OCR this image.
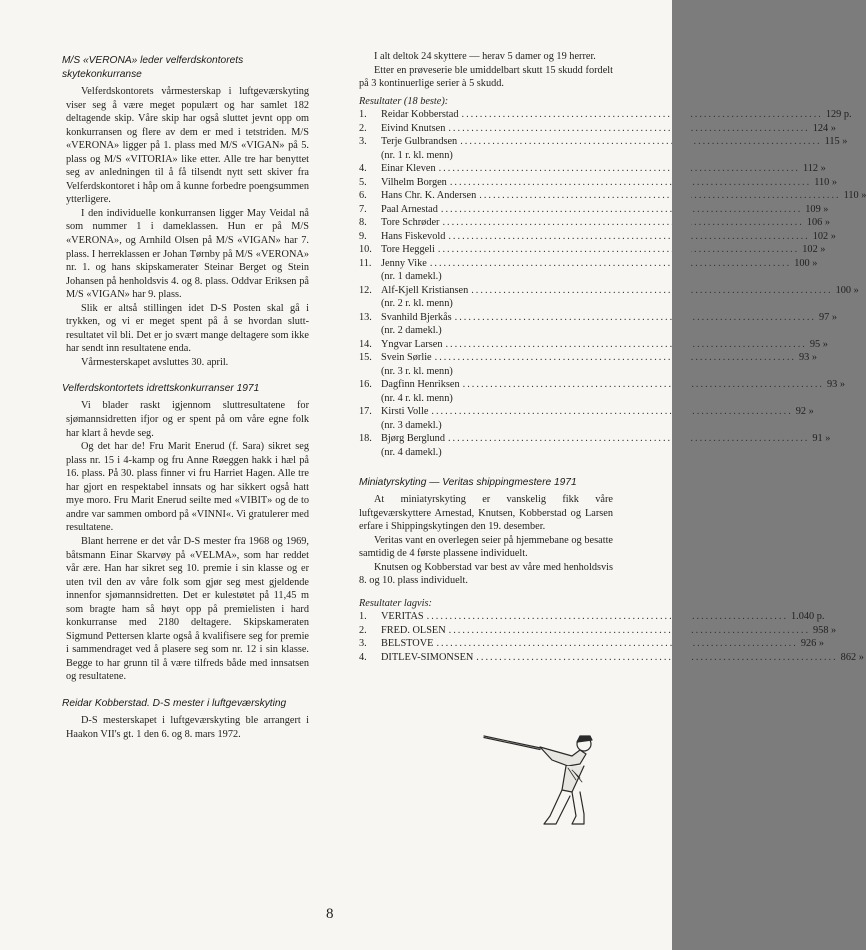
M/S «VERONA» leder velferdskontorets skytekonkurranse

Velferdskontorets vårmesterskap i luftgeværskyting viser seg å være meget populært og har samlet 182 deltagende skip. Våre skip har også sluttet jevnt opp om konkurransen og flere av dem er med i tetstriden. M/S «VERONA» ligger på 1. plass med M/S «VIGAN» på 5. plass og M/S «VITORIA» like etter. Alle tre har benyttet seg av anledningen til å få tilsendt nytt sett skiver fra Velferdskontoret i håp om å kunne forbedre poengsummen ytterligere.

I den individuelle konkurransen ligger May Veidal nå som nummer 1 i dameklassen. Hun er på M/S «VERONA», og Arnhild Olsen på M/S «VIGAN» har 7. plass. I herreklassen er Johan Tørnby på M/S «VERONA» nr. 1. og hans skipskamerater Steinar Berget og Stein Johansen på henholdsvis 4. og 8. plass. Oddvar Eriksen på M/S «VIGAN» har 9. plass.

Slik er altså stillingen idet D-S Posten skal gå i trykken, og vi er meget spent på å se hvordan slutt-resultatet vil bli. Det er jo svært mange deltagere som ikke har sendt inn resultatene enda.

Vårmesterskapet avsluttes 30. april.

Velferdskontortets idrettskonkurranser 1971

Vi blader raskt igjennom sluttresultatene for sjømannsidretten ifjor og er spent på om våre egne folk har klart å hevde seg.

Og det har de! Fru Marit Enerud (f. Sara) sikret seg plass nr. 15 i 4-kamp og fru Anne Røeggen hakk i hæl på 16. plass. På 30. plass finner vi fru Harriet Hagen. Alle tre har gjort en respektabel innsats og har sikkert også hatt mye moro. Fru Marit Enerud seilte med «VIBIT» og de to andre var sammen ombord på «VINNI«. Vi gratulerer med resultatene.

Blant herrene er det vår D-S mester fra 1968 og 1969, båtsmann Einar Skarvøy på «VELMA», som har reddet vår ære. Han har sikret seg 10. premie i sin klasse og er uten tvil den av våre folk som gjør seg mest gjeldende innenfor sjømannsidretten. Det er kulestøtet på 11,45 m som bragte ham så høyt opp på premielisten i hard konkurranse med 2180 deltagere. Skipskameraten Sigmund Pettersen klarte også å kvalifisere seg for premie i sammendraget ved å plasere seg som nr. 12 i sin klasse. Begge to har grunn til å være tilfreds både med innsatsen og resultatene.

Reidar Kobberstad. D-S mester i luftgeværskyting

D-S mesterskapet i luftgeværskyting ble arrangert i Haakon VII's gt. 1 den 6. og 8. mars 1972.

I alt deltok 24 skyttere — herav 5 damer og 19 herrer.

Etter en prøveserie ble umiddelbart skutt 15 skudd fordelt på 3 kontinuerlige serier à 5 skudd.

Resultater (18 beste):
1.	Reidar Kobberstad .....	129 p.
2.	Eivind Knutsen .....	124 »
3.	Terje Gulbrandsen .....	115 »
(nr. 1 r. kl. menn)
4.	Einar Kleven .....	112 »
5.	Vilhelm Borgen .....	110 »
6.	Hans Chr. K. Andersen .....	110 »
7.	Paal Arnestad .....	109 »
8.	Tore Schrøder .....	106 »
9.	Hans Fiskevold .....	102 »
10. Tore Heggeli .....	102 »
11. Jenny Vike .....	100 »
(nr. 1 damekl.)
12. Alf-Kjell Kristiansen .....	100 »
(nr. 2 r. kl. menn)
13. Svanhild Bjerkås .....	97 »
(nr. 2 damekl.)
14. Yngvar Larsen .....	95 »
15. Svein Sørlie .....	93 »
(nr. 3 r. kl. menn)
16. Dagfinn Henriksen .....	93 »
(nr. 4 r. kl. menn)
17. Kirsti Volle .....	92 »
(nr. 3 damekl.)
18. Bjørg Berglund .....	91 »
(nr. 4 damekl.)
Miniatyrskyting — Veritas shippingmestere 1971

At miniatyrskyting er vanskelig fikk våre luftgeværskyttere Arnestad, Knutsen, Kobberstad og Larsen erfare i Shippingskytingen den 19. desember.

Veritas vant en overlegen seier på hjemmebane og besatte samtidig de 4 første plassene individuelt.

Knutsen og Kobberstad var best av våre med henholdsvis 8. og 10. plass individuelt.

Resultater lagvis:
1.	VERITAS .....	1.040 p.
2.	FRED. OLSEN .....	958 »
3.	BELSTOVE .....	926 »
4.	DITLEV-SIMONSEN .....	862 »
8
